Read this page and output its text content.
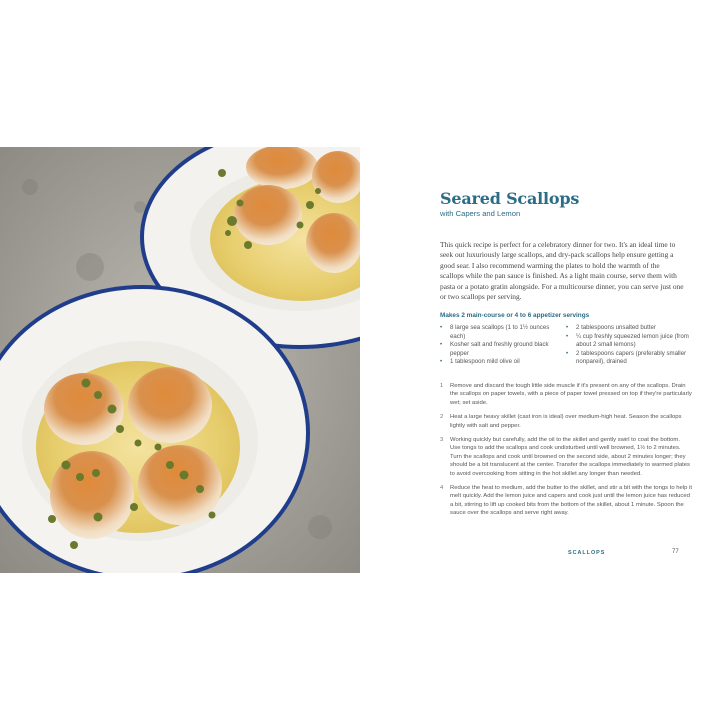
Seared Scallops

with Capers and Lemon

This quick recipe is perfect for a celebratory dinner for two. It's an ideal time to seek out luxuriously large scallops, and dry-pack scallops help ensure getting a good sear. I also recommend warming the plates to hold the warmth of the scallops while the pan sauce is finished. As a light main course, serve them with pasta or a potato gratin alongside. For a multicourse dinner, you can serve just one or two scallops per serving.

Makes 2 main-course or 4 to 6 appetizer servings

• 8 large sea scallops (1 to 1½ ounces each)
• Kosher salt and freshly ground black pepper
• 1 tablespoon mild olive oil
• 2 tablespoons unsalted butter
• ¼ cup freshly squeezed lemon juice (from about 2 small lemons)
• 2 tablespoons capers (preferably smaller nonpareil), drained
1 Remove and discard the tough little side muscle if it's present on any of the scallops. Drain the scallops on paper towels, with a piece of paper towel pressed on top if they're particularly wet; set aside.
2 Heat a large heavy skillet (cast iron is ideal) over medium-high heat. Season the scallops lightly with salt and pepper.
3 Working quickly but carefully, add the oil to the skillet and gently swirl to coat the bottom. Use tongs to add the scallops and cook undisturbed until well browned, 1½ to 2 minutes. Turn the scallops and cook until browned on the second side, about 2 minutes longer; they should be a bit translucent at the center. Transfer the scallops immediately to warmed plates to avoid overcooking from sitting in the hot skillet any longer than needed.
4 Reduce the heat to medium, add the butter to the skillet, and stir a bit with the tongs to help it melt quickly. Add the lemon juice and capers and cook just until the lemon juice has reduced a bit, stirring to lift up cooked bits from the bottom of the skillet, about 1 minute. Spoon the sauce over the scallops and serve right away.

SCALLOPS	77
